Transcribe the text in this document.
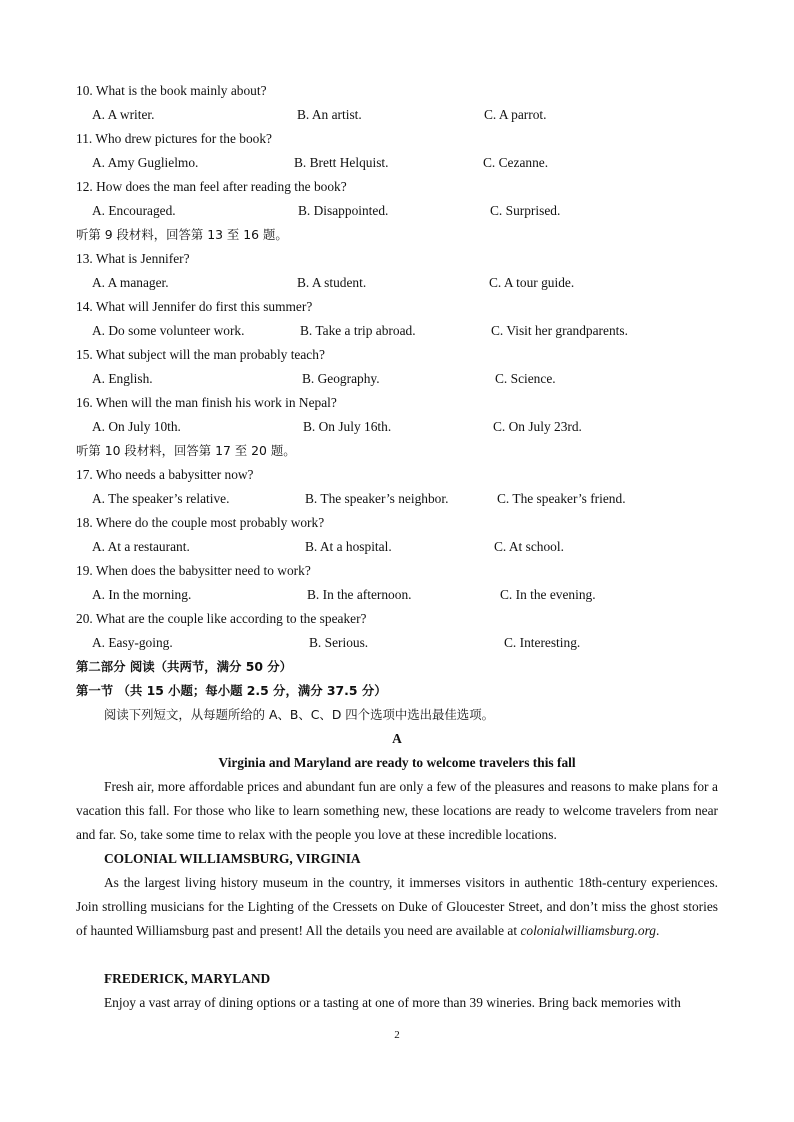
10. What is the book mainly about?
A. A writer.	B. An artist.	C. A parrot.
11. Who drew pictures for the book?
A. Amy Guglielmo.	B. Brett Helquist.	C. Cezanne.
12. How does the man feel after reading the book?
A. Encouraged.	B. Disappointed.	C. Surprised.
听第 9 段材料，回答第 13 至 16 题。
13. What is Jennifer?
A. A manager.	B. A student.	C. A tour guide.
14. What will Jennifer do first this summer?
A. Do some volunteer work.	B. Take a trip abroad.	C. Visit her grandparents.
15. What subject will the man probably teach?
A. English.	B. Geography.	C. Science.
16. When will the man finish his work in Nepal?
A. On July 10th.	B. On July 16th.	C. On July 23rd.
听第 10 段材料，回答第 17 至 20 题。
17. Who needs a babysitter now?
A. The speaker’s relative.	B. The speaker’s neighbor.	C. The speaker’s friend.
18. Where do the couple most probably work?
A. At a restaurant.	B. At a hospital.	C. At school.
19. When does the babysitter need to work?
A. In the morning.	B. In the afternoon.	C. In the evening.
20. What are the couple like according to the speaker?
A. Easy-going.	B. Serious.	C. Interesting.
第二部分 阅读（共两节，满分 50 分）
第一节 （共 15 小题；每小题 2.5 分，满分 37.5 分）
阅读下列短文，从每题所给的 A、B、C、D 四个选项中选出最佳选项。
A
Virginia and Maryland are ready to welcome travelers this fall

Fresh air, more affordable prices and abundant fun are only a few of the pleasures and reasons to make plans for a vacation this fall. For those who like to learn something new, these locations are ready to welcome travelers from near and far. So, take some time to relax with the people you love at these incredible locations.

COLONIAL WILLIAMSBURG, VIRGINIA

As the largest living history museum in the country, it immerses visitors in authentic 18th-century experiences. Join strolling musicians for the Lighting of the Cressets on Duke of Gloucester Street, and don’t miss the ghost stories of haunted Williamsburg past and present! All the details you need are available at colonialwilliamsburg.org.

FREDERICK, MARYLAND

Enjoy a vast array of dining options or a tasting at one of more than 39 wineries. Bring back memories with

2
